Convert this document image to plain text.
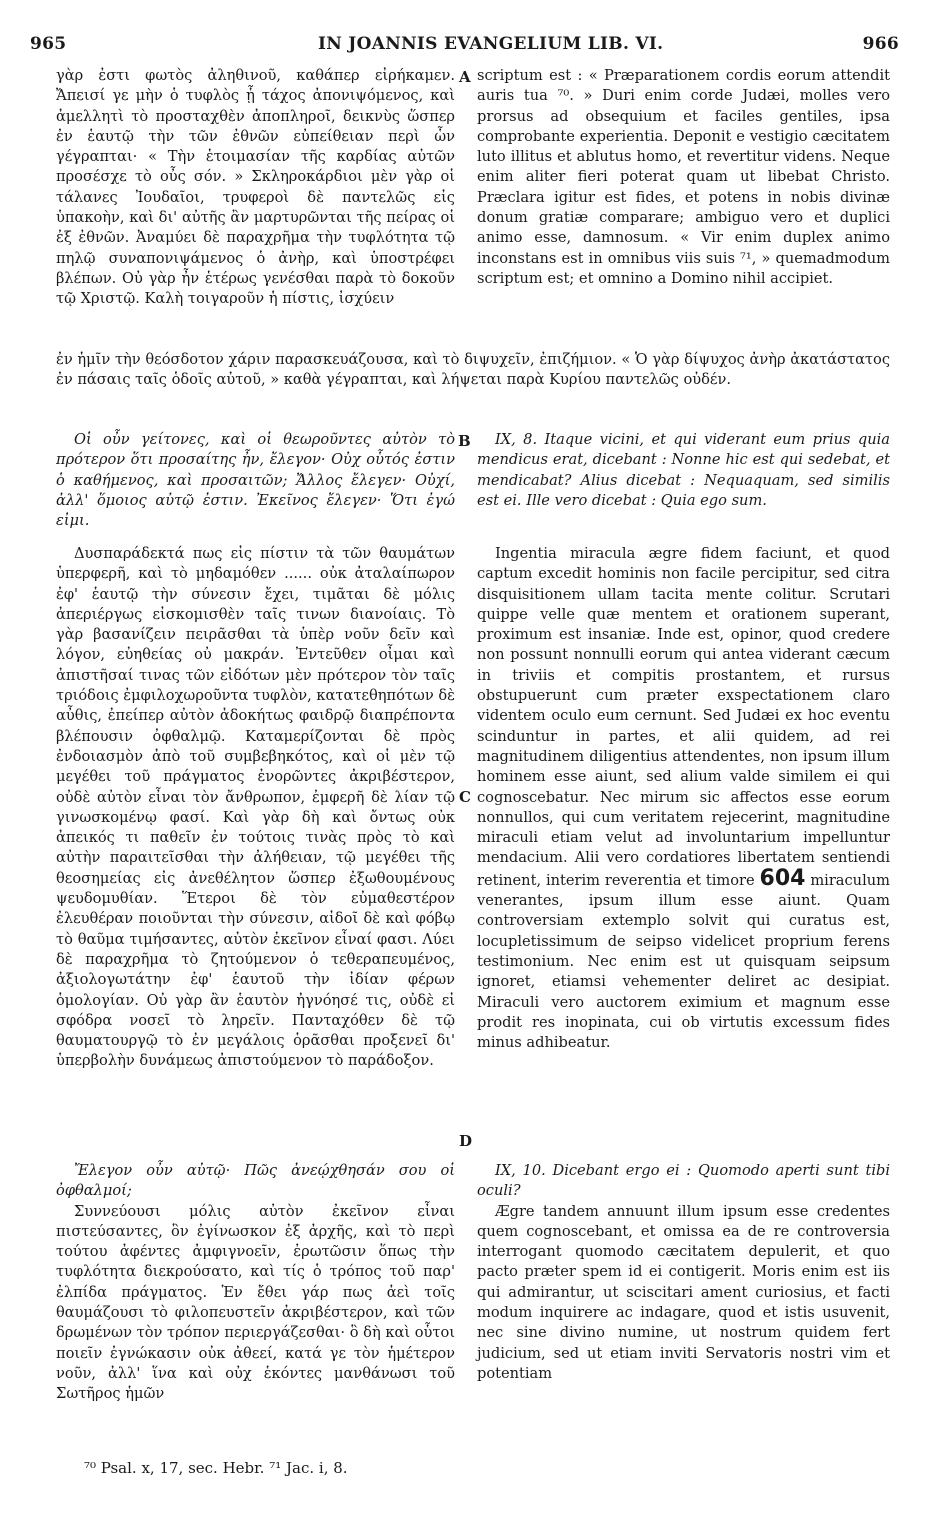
965	IN JOANNIS EVANGELIUM LIB. VI.	966

γὰρ ἐστι φωτὸς ἀληθινοῦ, καθάπερ εἰρήκαμεν. Ἄπεισί γε μὴν ὁ τυφλὸς ᾗ τάχος ἀπονιψόμενος, καὶ ἀμελλητὶ τὸ προσταχθὲν ἀποπληροῖ, δεικνὺς ὥσπερ ἐν ἑαυτῷ τὴν τῶν ἐθνῶν εὐπείθειαν περὶ ὧν γέγραπται· « Τὴν ἑτοιμασίαν τῆς καρδίας αὐτῶν προσέσχε τὸ οὖς σόν. » Σκληροκάρδιοι μὲν γὰρ οἱ τάλανες Ἰουδαῖοι, τρυφεροὶ δὲ παντελῶς εἰς ὑπακοὴν, καὶ δι' αὐτῆς ἂν μαρτυρῶνται τῆς πείρας οἱ ἐξ ἐθνῶν. Ἀναμύει δὲ παραχρῆμα τὴν τυφλότητα τῷ πηλῷ συναπονιψάμενος ὁ ἀνὴρ, καὶ ὑποστρέφει βλέπων. Οὐ γὰρ ἦν ἑτέρως γενέσθαι παρὰ τὸ δοκοῦν τῷ Χριστῷ. Καλὴ τοιγαροῦν ἡ πίστις, ἰσχύειν

A scriptum est : « Præparationem cordis eorum attendit auris tua ⁷⁰. » Duri enim corde Judæi, molles vero prorsus ad obsequium et faciles gentiles, ipsa comprobante experientia. Deponit e vestigio cæcitatem luto illitus et ablutus homo, et revertitur videns. Neque enim aliter fieri poterat quam ut libebat Christo. Præclara igitur est fides, et potens in nobis divinæ donum gratiæ comparare; ambiguo vero et duplici animo esse, damnosum. « Vir enim duplex animo inconstans est in omnibus viis suis ⁷¹, » quemadmodum scriptum est; et omnino a Domino nihil accipiet.

ἐν ἡμῖν τὴν θεόσδοτον χάριν παρασκευάζουσα, καὶ τὸ διψυχεῖν, ἐπιζήμιον. « Ὁ γὰρ δίψυχος ἀνὴρ ἀκατάστατος ἐν πάσαις ταῖς ὁδοῖς αὐτοῦ, » καθὰ γέγραπται, καὶ λήψεται παρὰ Κυρίου παντελῶς οὐδέν.

Οἱ οὖν γείτονες, καὶ οἱ θεωροῦντες αὐτὸν τὸ πρότερον ὅτι προσαίτης ἦν, ἔλεγον· Οὐχ οὗτός ἐστιν ὁ καθήμενος, καὶ προσαιτῶν; Ἄλλος ἔλεγεν· Οὐχί, ἀλλ' ὅμοιος αὐτῷ ἐστιν. Ἐκεῖνος ἔλεγεν· Ὅτι ἐγώ εἰμι.

B	IX, 8. Itaque vicini, et qui viderant eum prius quia mendicus erat, dicebant : Nonne hic est qui sedebat, et mendicabat? Alius dicebat : Nequaquam, sed similis est ei. Ille vero dicebat : Quia ego sum.

Δυσπαράδεκτά πως εἰς πίστιν τὰ τῶν θαυμάτων ὑπερφερῆ, καὶ τὸ μηδαμόθεν ...... οὐκ ἀταλαίπωρον ἐφ' ἑαυτῷ τὴν σύνεσιν ἔχει, τιμᾶται δὲ μόλις ἀπεριέργως εἰσκομισθὲν ταῖς τινων διανοίαις. Τὸ γὰρ βασανίζειν πειρᾶσθαι τὰ ὑπὲρ νοῦν δεῖν καὶ λόγον, εὐηθείας οὐ μακράν. Ἐντεῦθεν οἶμαι καὶ ἀπιστῆσαί τινας τῶν εἰδότων μὲν πρότερον τὸν ταῖς τριόδοις ἐμφιλοχωροῦντα τυφλὸν, κατατεθηπότων δὲ αὖθις, ἐπείπερ αὐτὸν ἀδοκήτως φαιδρῷ διαπρέποντα βλέπουσιν ὀφθαλμῷ. Καταμερίζονται δὲ πρὸς ἐνδοιασμὸν ἀπὸ τοῦ συμβεβηκότος, καὶ οἱ μὲν τῷ μεγέθει τοῦ πράγματος ἐνορῶντες ἀκριβέστερον, οὐδὲ αὐτὸν εἶναι τὸν ἄνθρωπον, ἐμφερῆ δὲ λίαν τῷ γινωσκομένῳ φασί. Καὶ γὰρ δὴ καὶ ὄντως οὐκ ἀπεικός τι παθεῖν ἐν τούτοις τινὰς πρὸς τὸ καὶ αὐτὴν παραιτεῖσθαι τὴν ἀλήθειαν, τῷ μεγέθει τῆς θεοσημείας εἰς ἀνεθέλητον ὥσπερ ἐξωθουμένους ψευδομυθίαν. Ἕτεροι δὲ τὸν εὐμαθεστέρον ἐλευθέραν ποιοῦνται τὴν σύνεσιν, αἰδοῖ δὲ καὶ φόβῳ τὸ θαῦμα τιμήσαντες, αὐτὸν ἐκεῖνον εἶναί φασι. Λύει δὲ παραχρῆμα τὸ ζητούμενον ὁ τεθεραπευμένος, ἀξιολογωτάτην ἐφ' ἑαυτοῦ τὴν ἰδίαν φέρων ὁμολογίαν. Οὐ γὰρ ἂν ἑαυτὸν ἠγνόησέ τις, οὐδὲ εἰ σφόδρα νοσεῖ τὸ ληρεῖν. Πανταχόθεν δὲ τῷ θαυματουργῷ τὸ ἐν μεγάλοις ὁρᾶσθαι προξενεῖ δι' ὑπερβολὴν δυνάμεως ἀπιστούμενον τὸ παράδοξον.

C

Ingentia miracula ægre fidem faciunt, et quod captum excedit hominis non facile percipitur, sed citra disquisitionem ullam tacita mente colitur. Scrutari quippe velle quæ mentem et orationem superant, proximum est insaniæ. Inde est, opinor, quod credere non possunt nonnulli eorum qui antea viderant cæcum in triviis et compitis prostantem, et rursus obstupuerunt cum præter exspectationem claro videntem oculo eum cernunt. Sed Judæi ex hoc eventu scinduntur in partes, et alii quidem, ad rei magnitudinem diligentius attendentes, non ipsum illum hominem esse aiunt, sed alium valde similem ei qui cognoscebatur. Nec mirum sic affectos esse eorum nonnullos, qui cum veritatem rejecerint, magnitudine miraculi etiam velut ad involuntarium impelluntur mendacium. Alii vero cordatiores libertatem sentiendi retinent, interim reverentia et timore 604 miraculum venerantes, ipsum illum esse aiunt. Quam controversiam extemplo solvit qui curatus est, locupletissimum de seipso videlicet proprium ferens testimonium. Nec enim est ut quisquam seipsum ignoret, etiamsi vehementer deliret ac desipiat. Miraculi vero auctorem eximium et magnum esse prodit res inopinata, cui ob virtutis excessum fides minus adhibeatur.

D

Ἔλεγον οὖν αὐτῷ· Πῶς ἀνεῴχθησάν σου οἱ ὀφθαλμοί;

Συννεύουσι μόλις αὐτὸν ἐκεῖνον εἶναι πιστεύσαντες, ὃν ἐγίνωσκον ἐξ ἀρχῆς, καὶ τὸ περὶ τούτου ἀφέντες ἀμφιγνοεῖν, ἐρωτῶσιν ὅπως τὴν τυφλότητα διεκρούσατο, καὶ τίς ὁ τρόπος τοῦ παρ' ἐλπίδα πράγματος. Ἐν ἔθει γάρ πως ἀεὶ τοῖς θαυμάζουσι τὸ φιλοπευστεῖν ἀκριβέστερον, καὶ τῶν δρωμένων τὸν τρόπον περιεργάζεσθαι· ὃ δὴ καὶ οὗτοι ποιεῖν ἐγνώκασιν οὐκ ἀθεεί, κατά γε τὸν ἡμέτερον νοῦν, ἀλλ' ἵνα καὶ οὐχ ἑκόντες μανθάνωσι τοῦ Σωτῆρος ἡμῶν

IX, 10. Dicebant ergo ei : Quomodo aperti sunt tibi oculi?

Ægre tandem annuunt illum ipsum esse credentes quem cognoscebant, et omissa ea de re controversia interrogant quomodo cæcitatem depulerit, et quo pacto præter spem id ei contigerit. Moris enim est iis qui admirantur, ut sciscitari ament curiosius, et facti modum inquirere ac indagare, quod et istis usuvenit, nec sine divino numine, ut nostrum quidem fert judicium, sed ut etiam inviti Servatoris nostri vim et potentiam

⁷⁰ Psal. x, 17, sec. Hebr. ⁷¹ Jac. i, 8.
